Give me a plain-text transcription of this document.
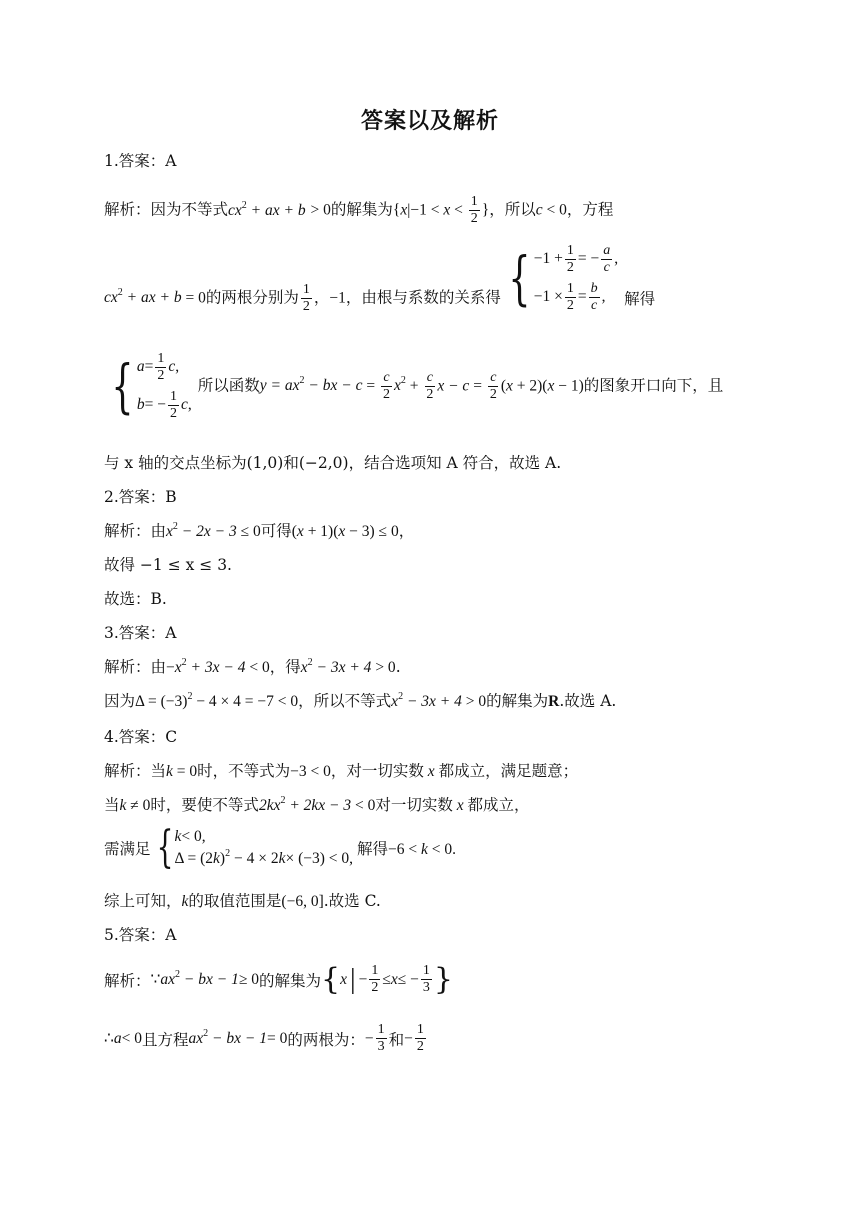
答案以及解析
1.答案：A
解析：因为不等式$cx^2$ + ax + b > 0的解集为{$x|-1 < x < \frac{1}{2}$ }，所以c < 0，方程
$cx^2$ + ax + b = 0的两根分别为 $\frac{1}{2}$ ，−1，由根与系数的关系得 { $-1 + \frac{1}{2}$ = − $\frac{a}{c}$ ,
$-1 \times \frac{1}{2} = \frac{b}{c}$ , 解得
{ $a = \frac{1}{2}$ c ,
b = − $\frac{1}{2}$ c ,
所以函数$y = ax^2$ − bx − $c = \frac{c}{2} x^2 + \frac{c}{2}$ $x - c = \frac{c}{2} (x + 2)(x - 1)$的图象开口向下，且
与 x 轴的交点坐标为(1,0)和(−2,0)，结合选项知 A 符合，故选 A.
2.答案：B
解析：由$x^2 - 2x - 3 \le 0$可得(x + 1)(x − 3) ≤ 0，
故得 −1 ≤ x ≤ 3.
故选：B.
3.答案：A
解析：由$-x^2 + 3x - 4 < 0$，得$x^2 - 3x + 4 > 0$.
因为$\Delta = (-3)^2 - 4 \times 4 = -7 < 0$，所以不等式$x^2 - 3x + 4 > 0$的解集为R.故选 A.
4.答案：C
解析：当k = 0时，不等式为−3 < 0，对一切实数 x 都成立，满足题意；
当k ≠ 0时，要使不等式$2kx^2 + 2kx - 3 < 0$对一切实数 x 都成立，
需满足 { k < 0,
Δ = (2 k )$^2$ − 4 × 2 k × (−3) < 0,
解得−6 < k < 0.
综上可知，k的取值范围是(−6, 0].故选 C.
5.答案：A
解析： ∵ $ax^2$ − bx − 1 ≥ 0 的解集为 { x | − $\frac{1}{2} \le x$ ≤ − $\frac{1}{3}$ }
∴ a < 0 且方程 $ax^2$ − bx − 1 = 0 的两根为： − $\frac{1}{3}$ 和 − $\frac{1}{2}$
